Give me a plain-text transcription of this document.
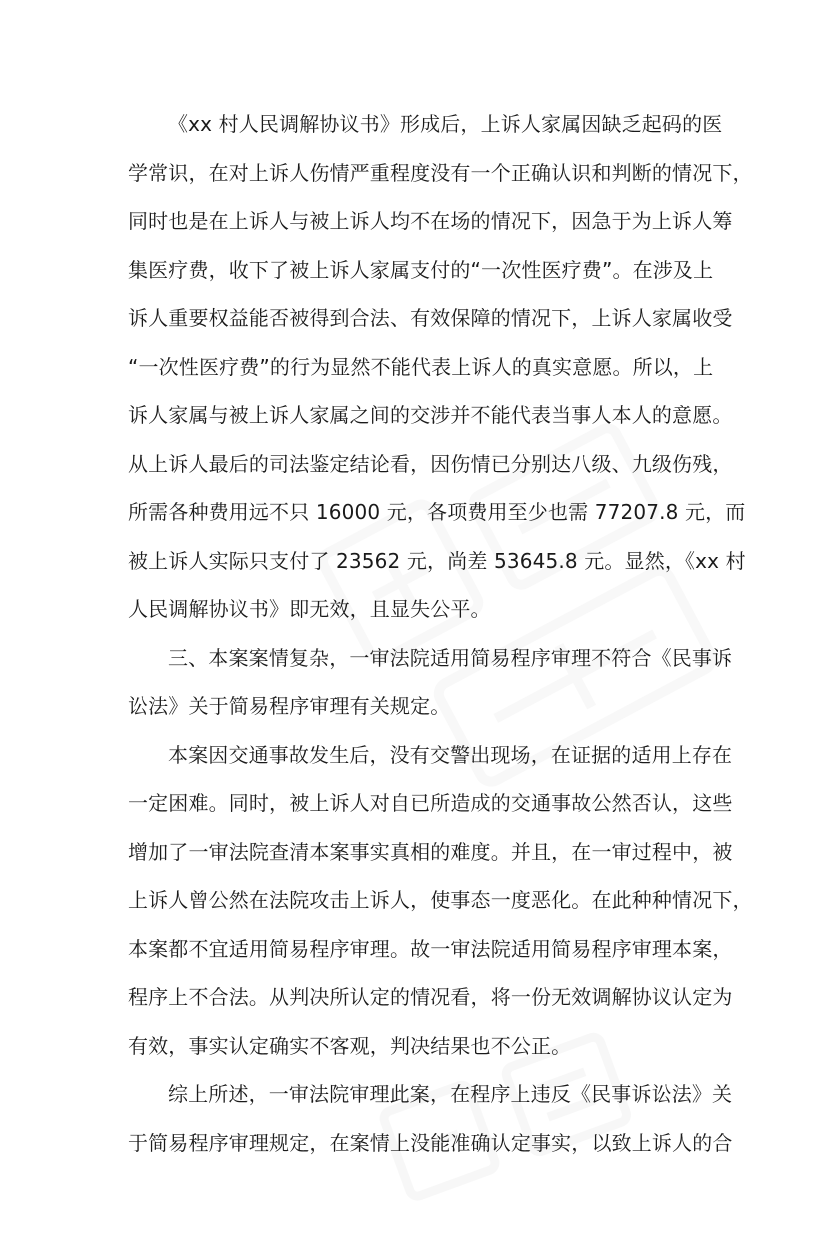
《xx 村人民调解协议书》形成后，上诉人家属因缺乏起码的医
学常识，在对上诉人伤情严重程度没有一个正确认识和判断的情况下，
同时也是在上诉人与被上诉人均不在场的情况下，因急于为上诉人筹
集医疗费，收下了被上诉人家属支付的“一次性医疗费”。在涉及上
诉人重要权益能否被得到合法、有效保障的情况下，上诉人家属收受
“一次性医疗费”的行为显然不能代表上诉人的真实意愿。所以，上
诉人家属与被上诉人家属之间的交涉并不能代表当事人本人的意愿。
从上诉人最后的司法鉴定结论看，因伤情已分别达八级、九级伤残，
所需各种费用远不只 16000 元，各项费用至少也需 77207.8 元，而
被上诉人实际只支付了 23562 元，尚差 53645.8 元。显然，《xx 村
人民调解协议书》即无效，且显失公平。
三、本案案情复杂，一审法院适用简易程序审理不符合《民事诉
讼法》关于简易程序审理有关规定。
本案因交通事故发生后，没有交警出现场，在证据的适用上存在
一定困难。同时，被上诉人对自已所造成的交通事故公然否认，这些
增加了一审法院查清本案事实真相的难度。并且，在一审过程中，被
上诉人曾公然在法院攻击上诉人，使事态一度恶化。在此种种情况下，
本案都不宜适用简易程序审理。故一审法院适用简易程序审理本案，
程序上不合法。从判决所认定的情况看，将一份无效调解协议认定为
有效，事实认定确实不客观，判决结果也不公正。
综上所述，一审法院审理此案，在程序上违反《民事诉讼法》关
于简易程序审理规定，在案情上没能准确认定事实，以致上诉人的合
